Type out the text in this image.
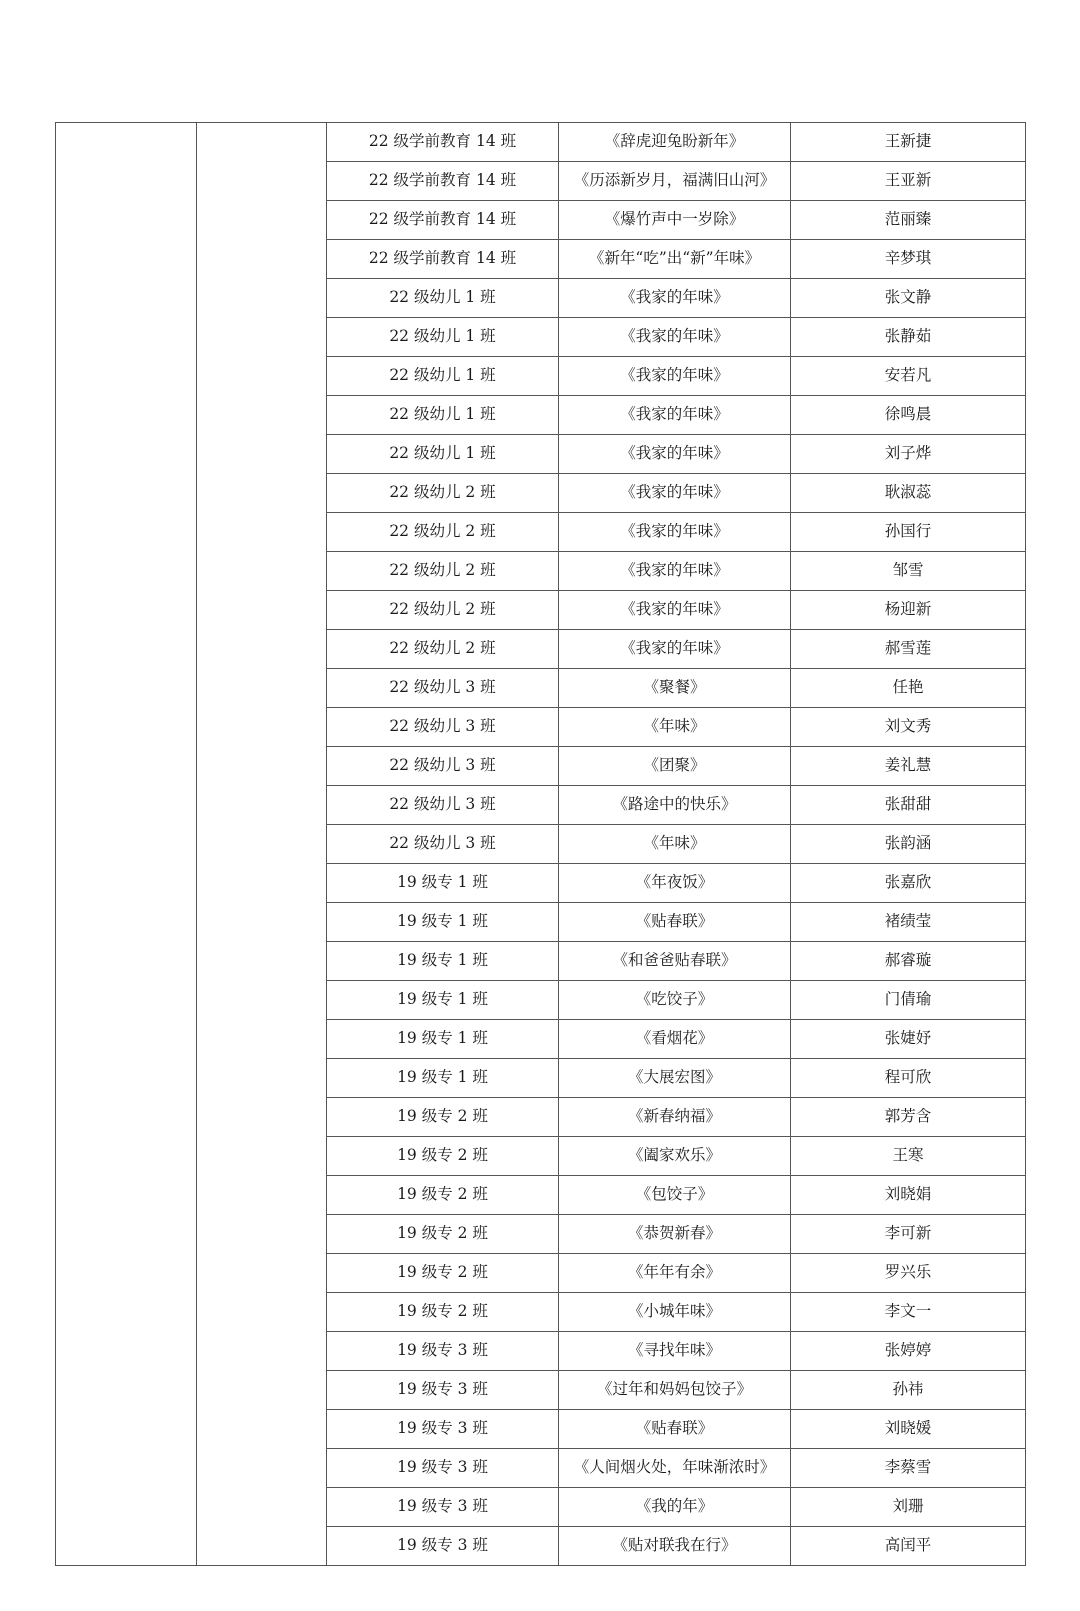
		22 级学前教育 14 班	《辞虎迎兔盼新年》	王新捷
		22 级学前教育 14 班	《历添新岁月，福满旧山河》	王亚新
		22 级学前教育 14 班	《爆竹声中一岁除》	范丽臻
		22 级学前教育 14 班	《新年“吃”出“新”年味》	辛梦琪
		22 级幼儿 1 班	《我家的年味》	张文静
		22 级幼儿 1 班	《我家的年味》	张静茹
		22 级幼儿 1 班	《我家的年味》	安若凡
		22 级幼儿 1 班	《我家的年味》	徐鸣晨
		22 级幼儿 1 班	《我家的年味》	刘子烨
		22 级幼儿 2 班	《我家的年味》	耿淑蕊
		22 级幼儿 2 班	《我家的年味》	孙国行
		22 级幼儿 2 班	《我家的年味》	邹雪
		22 级幼儿 2 班	《我家的年味》	杨迎新
		22 级幼儿 2 班	《我家的年味》	郝雪莲
		22 级幼儿 3 班	《聚餐》	任艳
		22 级幼儿 3 班	《年味》	刘文秀
		22 级幼儿 3 班	《团聚》	姜礼慧
		22 级幼儿 3 班	《路途中的快乐》	张甜甜
		22 级幼儿 3 班	《年味》	张韵涵
		19 级专 1 班	《年夜饭》	张嘉欣
		19 级专 1 班	《贴春联》	褚绩莹
		19 级专 1 班	《和爸爸贴春联》	郝睿璇
		19 级专 1 班	《吃饺子》	门倩瑜
		19 级专 1 班	《看烟花》	张婕妤
		19 级专 1 班	《大展宏图》	程可欣
		19 级专 2 班	《新春纳福》	郭芳含
		19 级专 2 班	《阖家欢乐》	王寒
		19 级专 2 班	《包饺子》	刘晓娟
		19 级专 2 班	《恭贺新春》	李可新
		19 级专 2 班	《年年有余》	罗兴乐
		19 级专 2 班	《小城年味》	李文一
		19 级专 3 班	《寻找年味》	张婷婷
		19 级专 3 班	《过年和妈妈包饺子》	孙祎
		19 级专 3 班	《贴春联》	刘晓媛
		19 级专 3 班	《人间烟火处，年味渐浓时》	李蔡雪
		19 级专 3 班	《我的年》	刘珊
		19 级专 3 班	《贴对联我在行》	高闰平
